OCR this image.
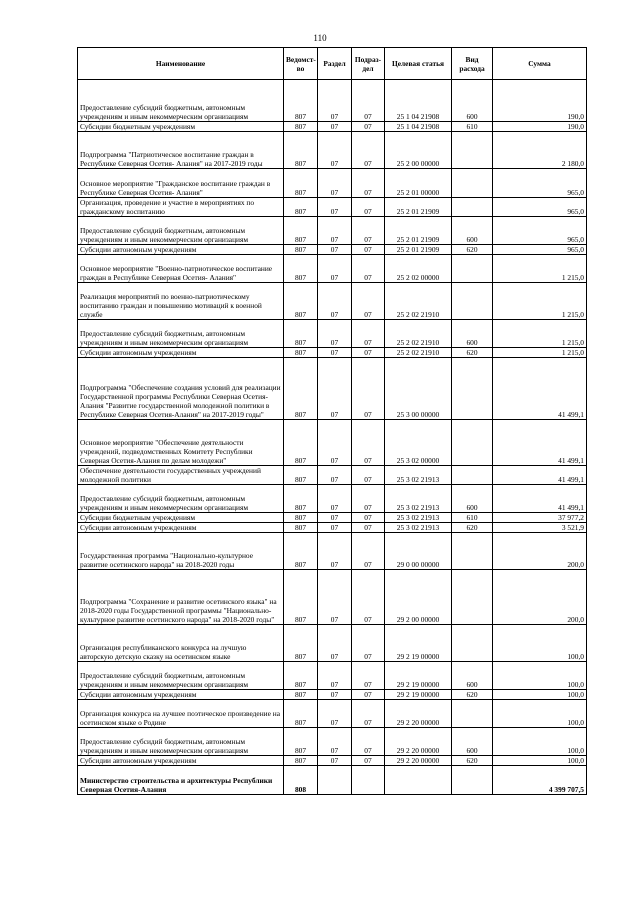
110
Наименование	Ведомст-во	Раздел	Подраз-дел	Целевая статья	Вид расхода	Сумма
Предоставление субсидий бюджетным, автономным учреждениям и иным некоммерческим организациям	807	07	07	25 1 04 21908	600	190,0
Субсидии бюджетным учреждениям	807	07	07	25 1 04 21908	610	190,0
Подпрограмма "Патриотическое воспитание граждан в Республике Северная Осетия- Алания" на 2017-2019 годы	807	07	07	25 2 00 00000		2 180,0
Основное мероприятие "Гражданское воспитание граждан в Республике Северная Осетия- Алания"	807	07	07	25 2 01 00000		965,0
Организация, проведение и участие в мероприятиях по гражданскому воспитанию	807	07	07	25 2 01 21909		965,0
Предоставление субсидий бюджетным, автономным учреждениям и иным некоммерческим организациям	807	07	07	25 2 01 21909	600	965,0
Субсидии автономным учреждениям	807	07	07	25 2 01 21909	620	965,0
Основное мероприятие "Военно-патриотическое воспитание граждан в Республике Северная Осетия- Алания"	807	07	07	25 2 02 00000		1 215,0
Реализация мероприятий по военно-патриотическому воспитанию граждан и повышению мотиваций к военной службе	807	07	07	25 2 02 21910		1 215,0
Предоставление субсидий бюджетным, автономным учреждениям и иным некоммерческим организациям	807	07	07	25 2 02 21910	600	1 215,0
Субсидии автономным учреждениям	807	07	07	25 2 02 21910	620	1 215,0
Подпрограмма "Обеспечение создания условий для реализации Государственной программы Республики Северная Осетия-Алания "Развитие государственной молодежной политики в Республике Северная Осетия-Алания" на 2017-2019 годы"	807	07	07	25 3 00 00000		41 499,1
Основное мероприятие "Обеспечение деятельности учреждений, подведомственных Комитету Республики Северная Осетия-Алания по делам молодежи"	807	07	07	25 3 02 00000		41 499,1
Обеспечение деятельности государственных учреждений молодежной политики	807	07	07	25 3 02 21913		41 499,1
Предоставление субсидий бюджетным, автономным учреждениям и иным некоммерческим организациям	807	07	07	25 3 02 21913	600	41 499,1
Субсидии бюджетным учреждениям	807	07	07	25 3 02 21913	610	37 977,2
Субсидии автономным учреждениям	807	07	07	25 3 02 21913	620	3 521,9
Государственная программа "Национально-культурное развитие осетинского народа" на 2018-2020 годы	807	07	07	29 0 00 00000		200,0
Подпрограмма "Сохранение и развитие осетинского языка" на 2018-2020 годы Государственной программы "Национально-культурное развитие осетинского народа" на 2018-2020 годы"	807	07	07	29 2 00 00000		200,0
Организация республиканского конкурса на лучшую авторскую детскую сказку на осетинском языке	807	07	07	29 2 19 00000		100,0
Предоставление субсидий бюджетным, автономным учреждениям и иным некоммерческим организациям	807	07	07	29 2 19 00000	600	100,0
Субсидии автономным учреждениям	807	07	07	29 2 19 00000	620	100,0
Организация конкурса на лучшее поэтическое произведение на осетинском языке о Родине	807	07	07	29 2 20 00000		100,0
Предоставление субсидий бюджетным, автономным учреждениям и иным некоммерческим организациям	807	07	07	29 2 20 00000	600	100,0
Субсидии автономным учреждениям	807	07	07	29 2 20 00000	620	100,0
Министерство строительства и архитектуры Республики Северная Осетия-Алания	808					4 399 707,5
